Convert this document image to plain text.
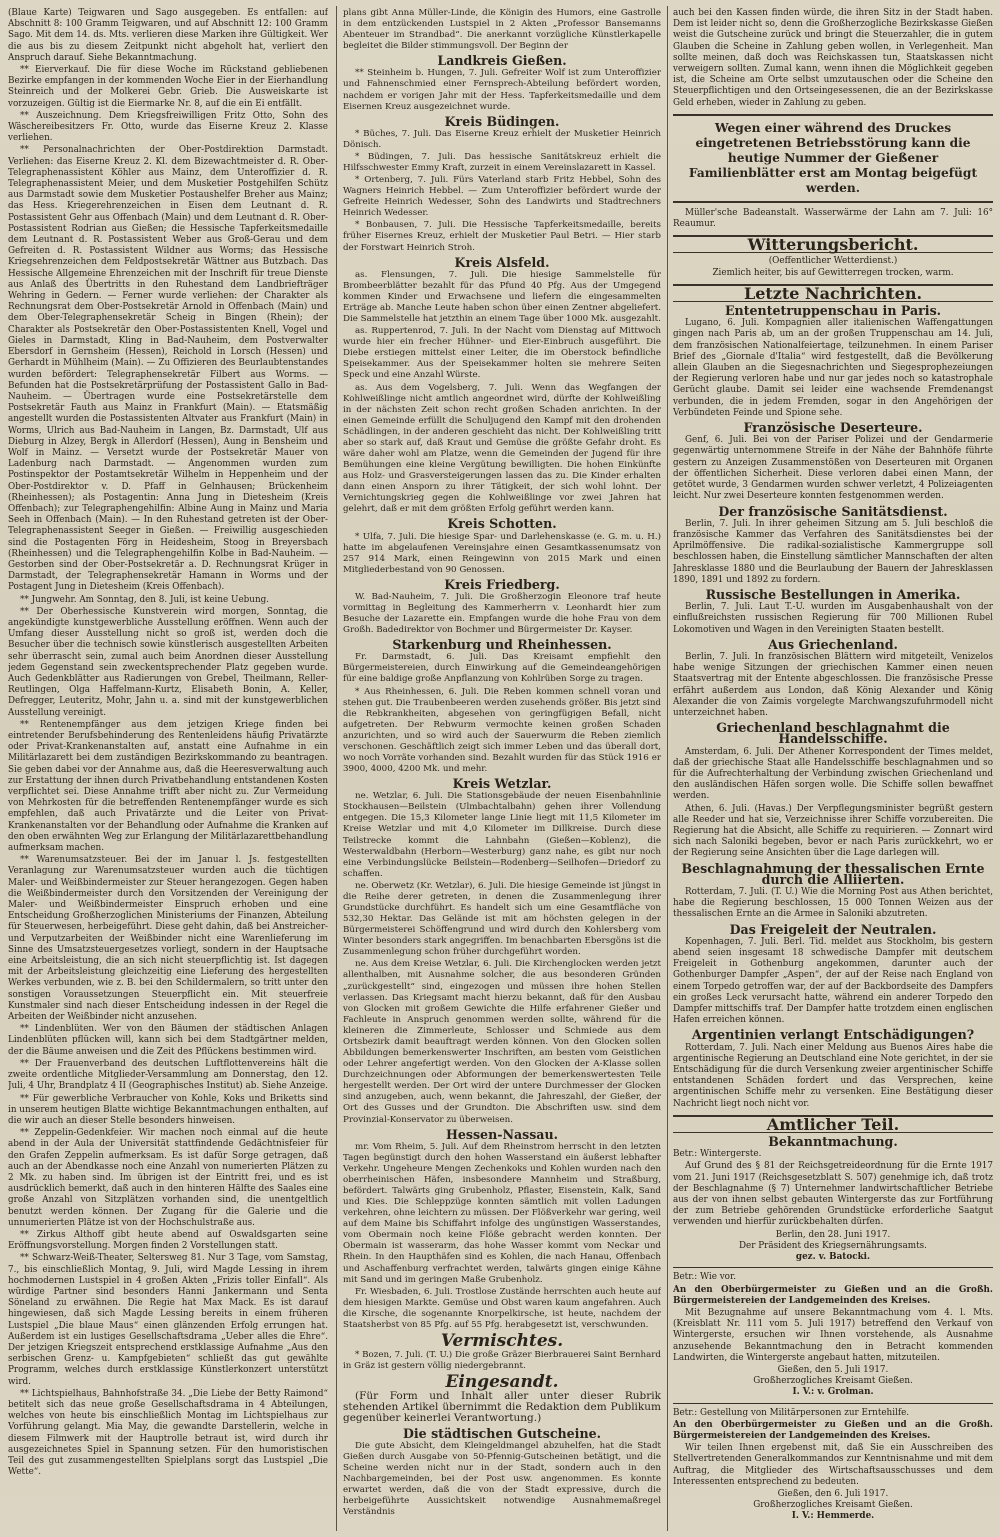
(Blaue Karte) Teigwaren und Sago ausgegeben. Es entfallen: auf Abschnitt 8: 100 Gramm Teigwaren, und auf Abschnitt 12: 100 Gramm Sago. Mit dem 14. ds. Mts. verlieren diese Marken ihre Gültigkeit. Wer die aus bis zu diesem Zeitpunkt nicht abgeholt hat, verliert den Anspruch darauf. Siehe Bekanntmachung.

** Eierverkauf. Die für diese Woche im Rückstand gebliebenen Bezirke empfangen in der kommenden Woche Eier in der Eierhandlung Steinreich und der Molkerei Gebr. Grieb. Die Ausweiskarte ist vorzuzeigen. Gültig ist die Eiermarke Nr. 8, auf die ein Ei entfällt.

** Auszeichnung. Dem Kriegsfreiwilligen Fritz Otto, Sohn des Wäschereibesitzers Fr. Otto, wurde das Eiserne Kreuz 2. Klasse verliehen.

** Personalnachrichten der Ober-Postdirektion Darmstadt. Verliehen: das Eiserne Kreuz 2. Kl. dem Bizewachtmeister d. R. Ober-Telegraphenassistent Köhler aus Mainz, dem Unteroffizier d. R. Telegraphenassistent Meier, und dem Musketier Postgehilfen Schütz aus Darmstadt sowie dem Musketier Postaushelfer Breher aus Mainz; das Hess. Kriegerehrenzeichen in Eisen dem Leutnant d. R. Postassistent Gehr aus Offenbach (Main) und dem Leutnant d. R. Ober-Postassistent Rodrian aus Gießen; die Hessische Tapferkeitsmedaille dem Leutnant d. R. Postassistent Weber aus Groß-Gerau und dem Gefreiten d. R. Postassistent Wildner aus Worms; das Hessische Kriegsehrenzeichen dem Feldpostsekretär Wättner aus Butzbach. Das Hessische Allgemeine Ehrenzeichen mit der Inschrift für treue Dienste aus Anlaß des Übertritts in den Ruhestand dem Landbriefträger Wehring in Gedern. — Ferner wurde verliehen: der Charakter als Rechnungsrat dem Ober-Postsekretär Arnold in Offenbach (Main) und dem Ober-Telegraphensekretär Scheig in Bingen (Rhein); der Charakter als Postsekretär den Ober-Postassistenten Knell, Vogel und Gieles in Darmstadt, Kling in Bad-Nauheim, dem Postverwalter Ebersdorf in Gernsheim (Hessen), Reichold in Lorsch (Hessen) und Gerhardt in Mühlheim (Main). — Zu Offizieren des Beurlaubtenstandes wurden befördert: Telegraphensekretär Filbert aus Worms. — Befunden hat die Postsekretärprüfung der Postassistent Gallo in Bad-Nauheim. — Übertragen wurde eine Postsekretärstelle dem Postsekretär Fauth aus Mainz in Frankfurt (Main). — Etatsmäßig angestellt wurden die Postassistenten Altvater aus Frankfurt (Main) in Worms, Ulrich aus Bad-Nauheim in Langen, Bz. Darmstadt, Ulf aus Dieburg in Alzey, Bergk in Allerdorf (Hessen), Aung in Bensheim und Wolf in Mainz. — Versetzt wurde der Postsekretär Mauer von Ladenburg nach Darmstadt. — Angenommen wurden zum Postinspektor der Postamtsekretär Wilhelm in Heppenheim und der Ober-Postdirektor v. D. Pfaff in Gelnhausen; Brückenheim (Rheinhessen); als Postagentin: Anna Jung in Dietesheim (Kreis Offenbach); zur Telegraphengehilfin: Albine Aung in Mainz und Maria Seeh in Offenbach (Main). — In den Ruhestand getreten ist der Ober-Telegraphenassistent Seeger in Gießen. — Freiwillig ausgeschieden sind die Postagenten Förg in Heidesheim, Stoog in Breyersbach (Rheinhessen) und die Telegraphengehilfin Kolbe in Bad-Nauheim. — Gestorben sind der Ober-Postsekretär a. D. Rechnungsrat Krüger in Darmstadt, der Telegraphensekretär Hamann in Worms und der Postagent Jung in Dietesheim (Kreis Offenbach).

** Jungwehr. Am Sonntag, den 8. Juli, ist keine Uebung.

** Der Oberhessische Kunstverein wird morgen, Sonntag, die angekündigte kunstgewerbliche Ausstellung eröffnen. Wenn auch der Umfang dieser Ausstellung nicht so groß ist, werden doch die Besucher über die technisch sowie künstlerisch ausgestellten Arbeiten sehr überrascht sein, zumal auch beim Anordnen dieser Ausstellung jedem Gegenstand sein zweckentsprechender Platz gegeben wurde. Auch Gedenkblätter aus Radierungen von Grebel, Theilmann, Reller-Reutlingen, Olga Haffelmann-Kurtz, Elisabeth Bonin, A. Keller, Defregger, Leuteritz, Mohr, Jahn u. a. sind mit der kunstgewerblichen Ausstellung vereinigt.

** Rentenempfänger aus dem jetzigen Kriege finden bei eintretender Berufsbehinderung des Rentenleidens häufig Privatärzte oder Privat-Krankenanstalten auf, anstatt eine Aufnahme in ein Militärlazarett bei dem zuständigen Bezirkskommando zu beantragen. Sie geben dabei vor der Annahme aus, daß die Heeresverwaltung auch zur Erstattung der ihnen durch Privatbehandlung entstandenen Kosten verpflichtet sei. Diese Annahme trifft aber nicht zu. Zur Vermeidung von Mehrkosten für die betreffenden Rentenempfänger wurde es sich empfehlen, daß auch Privatärzte und die Leiter von Privat-Krankenanstalten vor der Behandlung oder Aufnahme die Kranken auf den oben erwähnten Weg zur Erlangung der Militärlazarettbehandlung aufmerksam machen.

** Warenumsatzsteuer. Bei der im Januar l. Js. festgestellten Veranlagung zur Warenumsatzsteuer wurden auch die tüchtigen Maler- und Weißbindermeister zur Steuer herangezogen. Gegen haben die Weißbindermeister durch den Vorsitzenden der Vereinigung der Maler- und Weißbindermeister Einspruch erhoben und eine Entscheidung Großherzoglichen Ministeriums der Finanzen, Abteilung für Steuerwesen, herbeigeführt. Diese geht dahin, daß bei Anstreicher- und Verputzarbeiten der Weißbinder nicht eine Warenlieferung im Sinne des Umsatzsteuergesetzes vorliegt, sondern in der Hauptsache eine Arbeitsleistung, die an sich nicht steuerpflichtig ist. Ist dagegen mit der Arbeitsleistung gleichzeitig eine Lieferung des hergestellten Werkes verbunden, wie z. B. bei den Schildermalern, so tritt unter den sonstigen Voraussetzungen Steuerpflicht ein. Mit steuerfreie Kunstmaler sind nach dieser Entscheidung indessen in der Regel die Arbeiten der Weißbinder nicht anzusehen.

** Lindenblüten. Wer von den Bäumen der städtischen Anlagen Lindenblüten pflücken will, kann sich bei dem Stadtgärtner melden, der die Bäume anweisen und die Zeit des Pflückens bestimmen wird.

** Der Frauenverband des deutschen Luftflottenvereins hält die zweite ordentliche Mitglieder-Versammlung am Donnerstag, den 12. Juli, 4 Uhr, Brandplatz 4 II (Geographisches Institut) ab. Siehe Anzeige.

** Für gewerbliche Verbraucher von Kohle, Koks und Briketts sind in unserem heutigen Blatte wichtige Bekanntmachungen enthalten, auf die wir auch an dieser Stelle besonders hinweisen.

** Zeppelin-Gedenkfeier. Wir machen noch einmal auf die heute abend in der Aula der Universität stattfindende Gedächtnisfeier für den Grafen Zeppelin aufmerksam. Es ist dafür Sorge getragen, daß auch an der Abendkasse noch eine Anzahl von numerierten Plätzen zu 2 Mk. zu haben sind. Im übrigen ist der Eintritt frei, und es ist ausdrücklich bemerkt, daß auch in den hinteren Hälfte des Saales eine große Anzahl von Sitzplätzen vorhanden sind, die unentgeltlich benutzt werden können. Der Zugang für die Galerie und die unnumerierten Plätze ist von der Hochschulstraße aus.

** Zirkus Althoff gibt heute abend auf Oswaldsgarten seine Eröffnungsvorstellung. Morgen finden 2 Vorstellungen statt.

** Schwarz-Weiß-Theater, Seltersweg 81. Nur 3 Tage, vom Samstag, 7., bis einschließlich Montag, 9. Juli, wird Magde Lessing in ihrem hochmodernen Lustspiel in 4 großen Akten „Frizis toller Einfall“. Als würdige Partner sind besonders Hanni Jankermann und Senta Söneland zu erwähnen. Die Regie hat Max Mack. Es ist darauf hingewiesen, daß sich Magde Lessing bereits in einem früheren Lustspiel „Die blaue Maus“ einen glänzenden Erfolg errungen hat. Außerdem ist ein lustiges Gesellschaftsdrama „Ueber alles die Ehre“. Der jetzigen Kriegszeit entsprechend erstklassige Aufnahme „Aus den serbischen Grenz- u. Kampfgebieten“ schließt das gut gewählte Programm, welches durch erstklassige Künstlerkonzert unterstützt wird.

** Lichtspielhaus, Bahnhofstraße 34. „Die Liebe der Betty Raimond“ betitelt sich das neue große Gesellschaftsdrama in 4 Abteilungen, welches von heute bis einschließlich Montag im Lichtspielhaus zur Vorführung gelangt. Mia May, die gewandte Darstellerin, welche in diesem Filmwerk mit der Hauptrolle betraut ist, wird durch ihr ausgezeichnetes Spiel in Spannung setzen. Für den humoristischen Teil des gut zusammengestellten Spielplans sorgt das Lustspiel „Die Wette“.

plans gibt Anna Müller-Linde, die Königin des Humors, eine Gastrolle in dem entzückenden Lustspiel in 2 Akten „Professor Bansemanns Abenteuer im Strandbad“. Die anerkannt vorzügliche Künstlerkapelle begleitet die Bilder stimmungsvoll. Der Beginn der

Landkreis Gießen.

** Steinheim b. Hungen, 7. Juli. Gefreiter Wolf ist zum Unteroffizier und Fahnenschmied einer Fernsprech-Abteilung befördert worden, nachdem er vorigen Jahr mit der Hess. Tapferkeitsmedaille und dem Eisernen Kreuz ausgezeichnet wurde.

Kreis Büdingen.

* Büches, 7. Juli. Das Eiserne Kreuz erhielt der Musketier Heinrich Dönisch.

* Büdingen, 7. Juli. Das hessische Sanitätskreuz erhielt die Hilfsschwester Emmy Kraft, zurzeit in einem Vereinslazarett in Kassel.

* Ortenberg, 7. Juli. Fürs Vaterland starb Fritz Hebbel, Sohn des Wagners Heinrich Hebbel. — Zum Unteroffizier befördert wurde der Gefreite Heinrich Wedesser, Sohn des Landwirts und Stadtrechners Heinrich Wedesser.

* Bonbausen, 7. Juli. Die Hessische Tapferkeitsmedaille, bereits früher Eisernes Kreuz, erhielt der Musketier Paul Betri. — Hier starb der Forstwart Heinrich Stroh.

Kreis Alsfeld.

as. Flensungen, 7. Juli. Die hiesige Sammelstelle für Brombeerblätter bezahlt für das Pfund 40 Pfg. Aus der Umgegend kommen Kinder und Erwachsene und liefern die eingesammelten Erträge ab. Manche Leute haben schon über einen Zentner abgeliefert. Die Sammelstelle hat jetzthin an einem Tage über 1000 Mk. ausgezahlt.

as. Ruppertenrod, 7. Juli. In der Nacht vom Dienstag auf Mittwoch wurde hier ein frecher Hühner- und Eier-Einbruch ausgeführt. Die Diebe erstiegen mittelst einer Leiter, die im Oberstock befindliche Speisekammer. Aus der Speisekammer holten sie mehrere Seiten Speck und eine Anzahl Würste.

as. Aus dem Vogelsberg, 7. Juli. Wenn das Wegfangen der Kohlweißlinge nicht amtlich angeordnet wird, dürfte der Kohlweißling in der nächsten Zeit schon recht großen Schaden anrichten. In der einen Gemeinde erfüllt die Schuljugend den Kampf mit den drohenden Schädlingen, in der anderen geschieht das nicht. Der Kohlweißling tritt aber so stark auf, daß Kraut und Gemüse die größte Gefahr droht. Es wäre daher wohl am Platze, wenn die Gemeinden der Jugend für ihre Bemühungen eine kleine Vergütung bewilligten. Die hohen Einkünfte aus Holz- und Grasversteigerungen lassen das zu. Die Kinder erhalten dann einen Ansporn zu ihrer Tätigkeit, der sich wohl lohnt. Der Vernichtungskrieg gegen die Kohlweißlinge vor zwei Jahren hat gelehrt, daß er mit dem größten Erfolg geführt werden kann.

Kreis Schotten.

* Ulfa, 7. Juli. Die hiesige Spar- und Darlehenskasse (e. G. m. u. H.) hatte im abgelaufenen Vereinsjahre einen Gesamtkassenumsatz von 257 914 Mark, einen Reingewinn von 2015 Mark und einen Mitgliederbestand von 90 Genossen.

Kreis Friedberg.

W. Bad-Nauheim, 7. Juli. Die Großherzogin Eleonore traf heute vormittag in Begleitung des Kammerherrn v. Leonhardt hier zum Besuche der Lazarette ein. Empfangen wurde die hohe Frau von dem Großh. Badedirektor von Bochmer und Bürgermeister Dr. Kayser.

Starkenburg und Rheinhessen.

Fr. Darmstadt, 6. Juli. Das Kreisamt empfiehlt den Bürgermeistereien, durch Einwirkung auf die Gemeindeangehörigen für eine baldige große Anpflanzung von Kohlrüben Sorge zu tragen.

* Aus Rheinhessen, 6. Juli. Die Reben kommen schnell voran und stehen gut. Die Traubenbeeren werden zusehends größer. Bis jetzt sind die Rebkrankheiten, abgesehen von geringfügigen Befall, nicht aufgetreten. Der Rebwurm vermochte keinen großen Schaden anzurichten, und so wird auch der Sauerwurm die Reben ziemlich verschonen. Geschäftlich zeigt sich immer Leben und das überall dort, wo noch Vorräte vorhanden sind. Bezahlt wurden für das Stück 1916 er 3900, 4000, 4200 Mk. und mehr.

Kreis Wetzlar.

ne. Wetzlar, 6. Juli. Die Stationsgebäude der neuen Eisenbahnlinie Stockhausen—Beilstein (Ulmbachtalbahn) gehen ihrer Vollendung entgegen. Die 15,3 Kilometer lange Linie liegt mit 11,5 Kilometer im Kreise Wetzlar und mit 4,0 Kilometer im Dillkreise. Durch diese Teilstrecke kommt die Lahnbahn (Gießen—Koblenz), die Westerwaldbahn (Herborn—Westerburg) ganz nahe, es gibt nur noch eine Verbindungslücke Beilstein—Rodenberg—Seilhofen—Driedorf zu schaffen.

ne. Oberwetz (Kr. Wetzlar), 6. Juli. Die hiesige Gemeinde ist jüngst in die Reihe derer getreten, in denen die Zusammenlegung ihrer Grundstücke durchführt. Es handelt sich um eine Gesamtfläche von 532,30 Hektar. Das Gelände ist mit am höchsten gelegen in der Bürgermeisterei Schöffengrund und wird durch den Kohlersberg vom Winter besonders stark angegriffen. Im benachbarten Ebersgöns ist die Zusammenlegung schon früher durchgeführt worden.

ne. Aus dem Kreise Wetzlar, 6. Juli. Die Kirchenglocken werden jetzt allenthalben, mit Ausnahme solcher, die aus besonderen Gründen „zurückgestellt“ sind, eingezogen und müssen ihre hohen Stellen verlassen. Das Kriegsamt macht hierzu bekannt, daß für den Ausbau von Glocken mit großem Gewichte die Hilfe erfahrener Gießer und Fachleute in Anspruch genommen werden sollte, während für die kleineren die Zimmerleute, Schlosser und Schmiede aus dem Ortsbezirk damit beauftragt werden können. Von den Glocken sollen Abbildungen bemerkenswerter Inschriften, am besten vom Geistlichen oder Lehrer angefertigt werden. Von den Glocken der A-Klasse sollen Durchzeichnungen oder Abformungen der bemerkenswertesten Teile hergestellt werden. Der Ort wird der untere Durchmesser der Glocken sind anzugeben, auch, wenn bekannt, die Jahreszahl, der Gießer, der Ort des Gusses und der Grundton. Die Abschriften usw. sind dem Provinzial-Konservator zu überweisen.

Hessen-Nassau.

mr. Vom Rheim, 5. Juli. Auf dem Rheinstrom herrscht in den letzten Tagen begünstigt durch den hohen Wasserstand ein äußerst lebhafter Verkehr. Ungeheure Mengen Zechenkoks und Kohlen wurden nach den oberrheinischen Häfen, insbesondere Mannheim und Straßburg, befördert. Talwärts ging Grubenholz, Pflaster, Eisenstein, Kalk, Sand und Kies. Die Schleppzüge konnten sämtlich mit vollen Ladungen verkehren, ohne leichtern zu müssen. Der Flößverkehr war gering, weil auf dem Maine bis Schiffahrt infolge des ungünstigen Wasserstandes, vom Obermain noch keine Flöße gebracht werden konnten. Der Obermain ist wasserarm, das hohe Wasser kommt vom Neckar und Rhein. In den Haupthäfen sind es Kohlen, die nach Hanau, Offenbach und Aschaffenburg verfrachtet werden, talwärts gingen einige Kähne mit Sand und im geringen Maße Grubenholz.

Fr. Wiesbaden, 6. Juli. Trostlose Zustände herrschten auch heute auf dem hiesigen Markte. Gemüse und Obst waren kaum angefahren. Auch die Kirsche, die sogenannte Knorpelkirsche, ist heute, nachdem der Staatsherbst von 85 Pfg. auf 55 Pfg. herabgesetzt ist, verschwunden.

Vermischtes.

* Bozen, 7. Juli. (T. U.) Die große Gräzer Bierbrauerei Saint Bernhard in Gräz ist gestern völlig niedergebrannt.

Eingesandt.

(Für Form und Inhalt aller unter dieser Rubrik stehenden Artikel übernimmt die Redaktion dem Publikum gegenüber keinerlei Verantwortung.)

Die städtischen Gutscheine.

Die gute Absicht, dem Kleingeldmangel abzuhelfen, hat die Stadt Gießen durch Ausgabe von 50-Pfennig-Gutscheinen betätigt, und die Scheine werden nicht nur in der Stadt, sondern auch in den Nachbargemeinden, bei der Post usw. angenommen. Es konnte erwartet werden, daß die von der Stadt expressive, durch die herbeigeführte Aussichtskeit notwendige Ausnahmemaßregel Verständnis

auch bei den Kassen finden würde, die ihren Sitz in der Stadt haben. Dem ist leider nicht so, denn die Großherzogliche Bezirkskasse Gießen weist die Gutscheine zurück und bringt die Steuerzahler, die in gutem Glauben die Scheine in Zahlung geben wollen, in Verlegenheit. Man sollte meinen, daß doch was Reichskassen tun, Staatskassen nicht verweigern sollten. Zumal kann, wenn ihnen die Möglichkeit gegeben ist, die Scheine am Orte selbst umzutauschen oder die Scheine den Steuerpflichtigen und den Ortseingesessenen, die an der Bezirkskasse Geld erheben, wieder in Zahlung zu geben.

Wegen einer während des Druckes eingetretenen Betriebsstörung kann die heutige Nummer der Gießener Familienblätter erst am Montag beigefügt werden.

Müller'sche Badeanstalt. Wasserwärme der Lahn am 7. Juli: 16° Reaumur.

Witterungsbericht.
(Oeffentlicher Wetterdienst.)
Ziemlich heiter, bis auf Gewitterregen trocken, warm.
Letzte Nachrichten.
Ententetruppenschau in Paris.

Lugano, 6. Juli. Kompagnien aller italienischen Waffengattungen gingen nach Paris ab, um an der großen Truppenschau am 14. Juli, dem französischen Nationalfeiertage, teilzunehmen. In einem Pariser Brief des „Giornale d'Italia“ wird festgestellt, daß die Bevölkerung allein Glauben an die Siegesnachrichten und Siegesprophezeiungen der Regierung verloren habe und nur gar jedes noch so katastrophale Gerücht glaube. Damit sei leider eine wachsende Fremdenangst verbunden, die in jedem Fremden, sogar in den Angehörigen der Verbündeten Feinde und Spione sehe.

Französische Deserteure.

Genf, 6. Juli. Bei von der Pariser Polizei und der Gendarmerie gegenwärtig unternommene Streife in der Nähe der Bahnhöfe führte gestern zu Anzeigen Zusammenstößen von Deserteuren mit Organen der öffentlichen Sicherheit. Diese verloren dabei einen Mann, der getötet wurde, 3 Gendarmen wurden schwer verletzt, 4 Polizeiagenten leicht. Nur zwei Deserteure konnten festgenommen werden.

Der französische Sanitätsdienst.

Berlin, 7. Juli. In ihrer geheimen Sitzung am 5. Juli beschloß die französische Kammer das Verfahren des Sanitätsdienstes bei der Aprilmöffensive. Die radikal-sozialistische Kammergruppe soll beschlossen haben, die Einstellung sämtlicher Mannschaften der alten Jahresklasse 1880 und die Beurlaubung der Bauern der Jahresklassen 1890, 1891 und 1892 zu fordern.

Russische Bestellungen in Amerika.

Berlin, 7. Juli. Laut T.-U. wurden im Ausgabenhaushalt von der einflußreichsten russischen Regierung für 700 Millionen Rubel Lokomotiven und Wagen in den Vereinigten Staaten bestellt.

Aus Griechenland.

Berlin, 7. Juli. In französischen Blättern wird mitgeteilt, Venizelos habe wenige Sitzungen der griechischen Kammer einen neuen Staatsvertrag mit der Entente abgeschlossen. Die französische Presse erfährt außerdem aus London, daß König Alexander und König Alexander die von Zaimis vorgelegte Marchwangszufuhrmodell nicht unterzeichnet haben.

Griechenland beschlagnahmt die Handelsschiffe.

Amsterdam, 6. Juli. Der Athener Korrespondent der Times meldet, daß der griechische Staat alle Handelsschiffe beschlagnahmen und so für die Aufrechterhaltung der Verbindung zwischen Griechenland und den ausländischen Häfen sorgen wolle. Die Schiffe sollen bewaffnet werden.

Athen, 6. Juli. (Havas.) Der Verpflegungsminister begrüßt gestern alle Reeder und hat sie, Verzeichnisse ihrer Schiffe vorzubereiten. Die Regierung hat die Absicht, alle Schiffe zu requirieren. — Zonnart wird sich nach Saloniki begeben, bevor er nach Paris zurückkehrt, wo er der Regierung seine Ansichten über die Lage darlegen will.

Beschlagnahmung der thessalischen Ernte durch die Alliierten.

Rotterdam, 7. Juli. (T. U.) Wie die Morning Post aus Athen berichtet, habe die Regierung beschlossen, 15 000 Tonnen Weizen aus der thessalischen Ernte an die Armee in Saloniki abzutreten.

Das Freigeleit der Neutralen.

Kopenhagen, 7. Juli. Berl. Tid. meldet aus Stockholm, bis gestern abend seien insgesamt 18 schwedische Dampfer mit deutschem Freigeleit in Gothenburg angekommen, darunter auch der Gothenburger Dampfer „Aspen“, der auf der Reise nach England von einem Torpedo getroffen war, der auf der Backbordseite des Dampfers ein großes Leck verursacht hatte, während ein anderer Torpedo den Dampfer mittschiffs traf. Der Dampfer hatte trotzdem einen englischen Hafen erreichen können.

Argentinien verlangt Entschädigungen?

Rotterdam, 7. Juli. Nach einer Meldung aus Buenos Aires habe die argentinische Regierung an Deutschland eine Note gerichtet, in der sie Entschädigung für die durch Versenkung zweier argentinischer Schiffe entstandenen Schäden fordert und das Versprechen, keine argentinischen Schiffe mehr zu versenken. Eine Bestätigung dieser Nachricht liegt noch nicht vor.

Amtlicher Teil.
Bekanntmachung.

Betr.: Wintergerste.

Auf Grund des § 81 der Reichsgetreideordnung für die Ernte 1917 vom 21. Juni 1917 (Reichsgesetzblatt S. 507) genehmige ich, daß trotz der Beschlagnahme (§ 7) Unternehmer landwirtschaftlicher Betriebe aus der von ihnen selbst gebauten Wintergerste das zur Fortführung der zum Betriebe gehörenden Grundstücke erforderliche Saatgut verwenden und hierfür zurückbehalten dürfen.

Berlin, den 28. Juni 1917.
Der Präsident des Kriegsernährungsamts.
gez. v. Batocki.

Betr.: Wie vor.

An den Oberbürgermeister zu Gießen und an die Großh. Bürgermeistereien der Landgemeinden des Kreises.

Mit Bezugnahme auf unsere Bekanntmachung vom 4. l. Mts. (Kreisblatt Nr. 111 vom 5. Juli 1917) betreffend den Verkauf von Wintergerste, ersuchen wir Ihnen vorstehende, als Ausnahme anzusehende Bekanntmachung den in Betracht kommenden Landwirten, die Wintergerste angebaut hatten, mitzuteilen.

Gießen, den 5. Juli 1917.
Großherzogliches Kreisamt Gießen.
I. V.: v. Grolman.

Betr.: Gestellung von Militärpersonen zur Erntehilfe.

An den Oberbürgermeister zu Gießen und an die Großh. Bürgermeistereien der Landgemeinden des Kreises.

Wir teilen Ihnen ergebenst mit, daß Sie ein Ausschreiben des Stellvertretenden Generalkommandos zur Kenntnisnahme und mit dem Auftrag, die Mitglieder des Wirtschaftsausschusses und dem Interessenten entsprechend zu bedeuten.

Gießen, den 6. Juli 1917.
Großherzogliches Kreisamt Gießen.
I. V.: Hemmerde.
